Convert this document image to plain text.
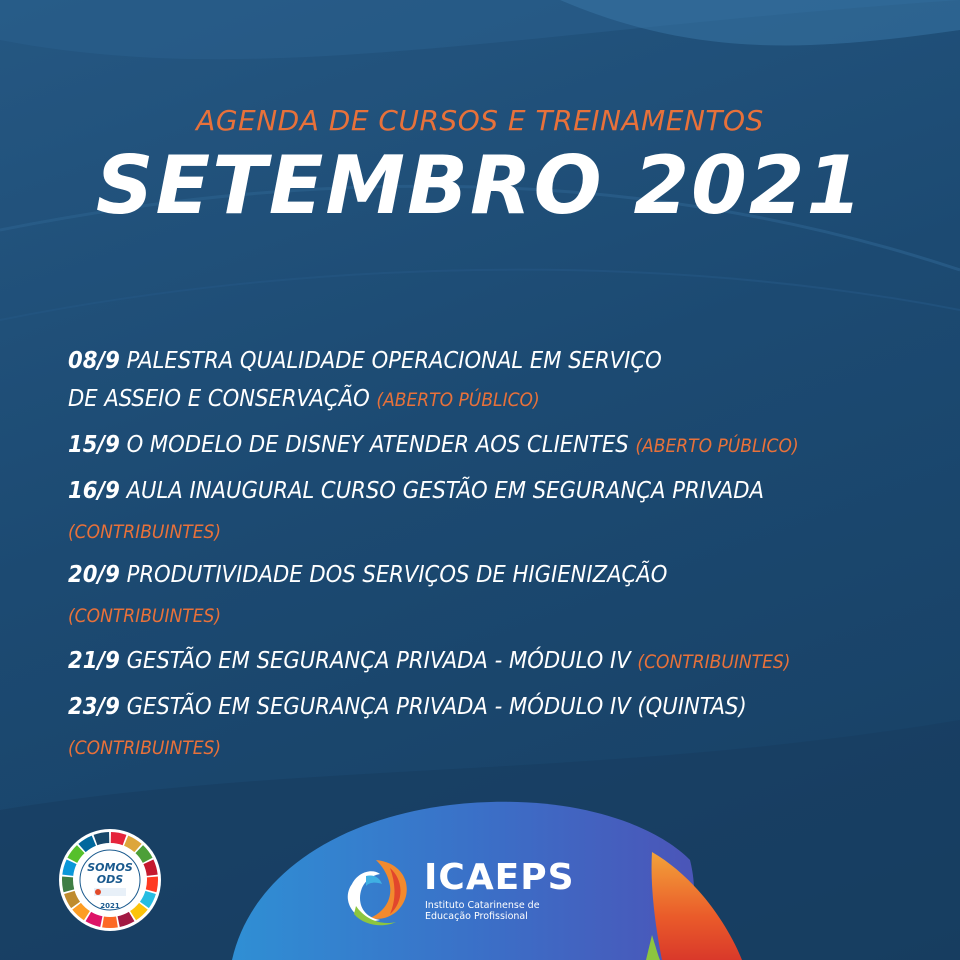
AGENDA DE CURSOS E TREINAMENTOS
SETEMBRO 2021
08/9 PALESTRA QUALIDADE OPERACIONAL EM SERVIÇO
DE ASSEIO E CONSERVAÇÃO (ABERTO PÚBLICO)
15/9 O MODELO DE DISNEY ATENDER AOS CLIENTES (ABERTO PÚBLICO)
16/9 AULA INAUGURAL CURSO GESTÃO EM SEGURANÇA PRIVADA
(CONTRIBUINTES)
20/9 PRODUTIVIDADE DOS SERVIÇOS DE HIGIENIZAÇÃO
(CONTRIBUINTES)
21/9 GESTÃO EM SEGURANÇA PRIVADA - MÓDULO IV (CONTRIBUINTES)
23/9 GESTÃO EM SEGURANÇA PRIVADA - MÓDULO IV (QUINTAS)
(CONTRIBUINTES)
SOMOS
ODS
2021
ICAEPS
Instituto Catarinense de
Educação Profissional
